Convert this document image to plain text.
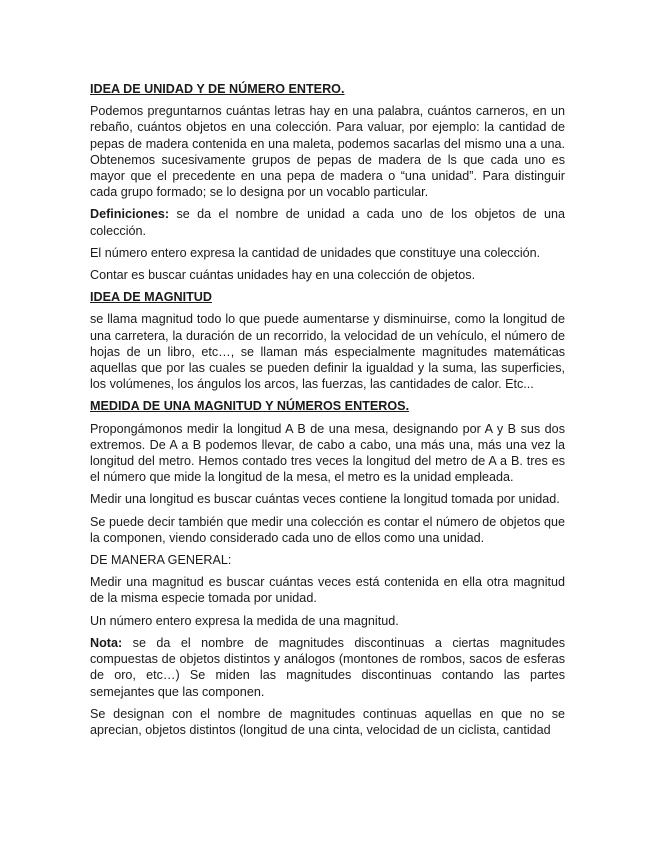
IDEA DE UNIDAD Y DE NÚMERO ENTERO.

Podemos preguntarnos cuántas letras hay en una palabra, cuántos carneros, en un rebaño, cuántos objetos en una colección. Para valuar, por ejemplo: la cantidad de pepas de madera contenida en una maleta, podemos sacarlas del mismo una a una. Obtenemos sucesivamente grupos de pepas de madera de ls que cada uno es mayor que el precedente en una pepa de madera o “una unidad”. Para distinguir cada grupo formado; se lo designa por un vocablo particular.

Definiciones: se da el nombre de unidad a cada uno de los objetos de una colección.

El número entero expresa la cantidad de unidades que constituye una colección.

Contar es buscar cuántas unidades hay en una colección de objetos.

IDEA DE MAGNITUD

se llama magnitud todo lo que puede aumentarse y disminuirse, como la longitud de una carretera, la duración de un recorrido, la velocidad de un vehículo, el número de hojas de un libro, etc…, se llaman más especialmente magnitudes matemáticas aquellas que por las cuales se pueden definir la igualdad y la suma, las superficies, los volúmenes, los ángulos los arcos, las fuerzas, las cantidades de calor. Etc...

MEDIDA DE UNA MAGNITUD Y NÚMEROS ENTEROS.

Propongámonos medir la longitud A B de una mesa, designando por A y B sus dos extremos. De A a B podemos llevar, de cabo a cabo, una más una, más una vez la longitud del metro. Hemos contado tres veces la longitud del metro de A a B. tres es el número que mide la longitud de la mesa, el metro es la unidad empleada.

Medir una longitud es buscar cuántas veces contiene la longitud tomada por unidad.

Se puede decir también que medir una colección es contar el número de objetos que la componen, viendo considerado cada uno de ellos como una unidad.

DE MANERA GENERAL:

Medir una magnitud es buscar cuántas veces está contenida en ella otra magnitud de la misma especie tomada por unidad.

Un número entero expresa la medida de una magnitud.

Nota: se da el nombre de magnitudes discontinuas a ciertas magnitudes compuestas de objetos distintos y análogos (montones de rombos, sacos de esferas de oro, etc…) Se miden las magnitudes discontinuas contando las partes semejantes que las componen.

Se designan con el nombre de magnitudes continuas aquellas en que no se aprecian, objetos distintos (longitud de una cinta, velocidad de un ciclista, cantidad
